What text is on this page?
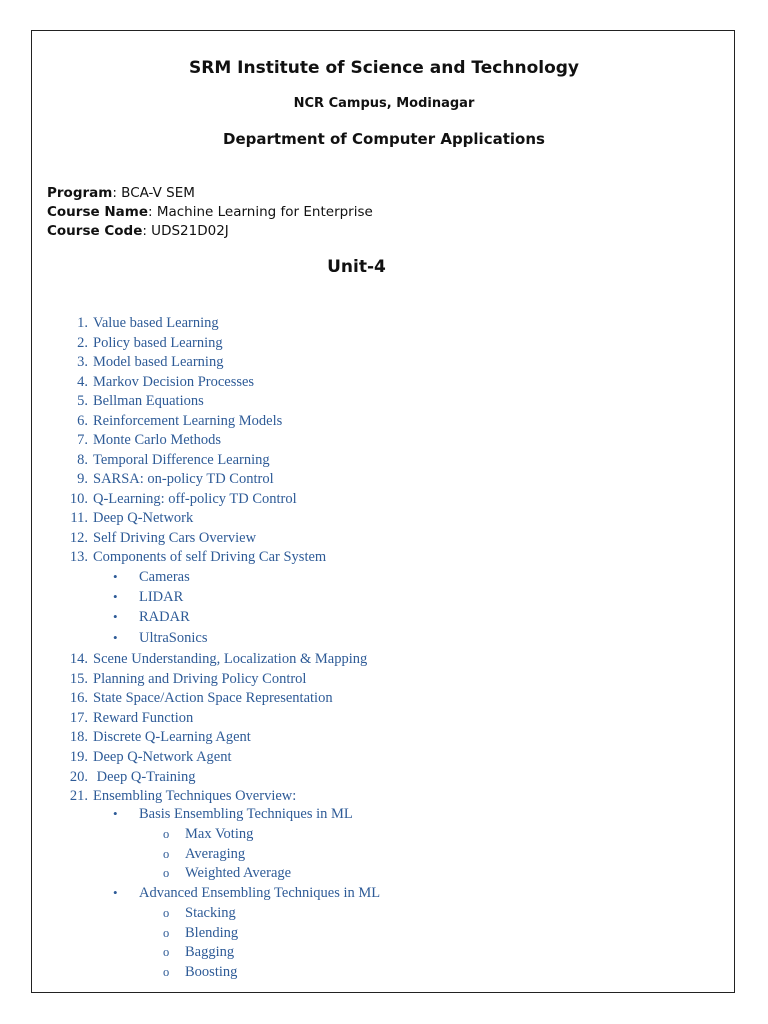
SRM Institute of Science and Technology
NCR Campus, Modinagar
Department of Computer Applications
Program: BCA-V SEM
Course Name: Machine Learning for Enterprise
Course Code: UDS21D02J
Unit-4
1. Value based Learning
2. Policy based Learning
3. Model based Learning
4. Markov Decision Processes
5. Bellman Equations
6. Reinforcement Learning Models
7. Monte Carlo Methods
8. Temporal Difference Learning
9. SARSA: on-policy TD Control
10. Q-Learning: off-policy TD Control
11. Deep Q-Network
12. Self Driving Cars Overview
13. Components of self Driving Car System
• Cameras
• LIDAR
• RADAR
• UltraSonics
14. Scene Understanding, Localization & Mapping
15. Planning and Driving Policy Control
16. State Space/Action Space Representation
17. Reward Function
18. Discrete Q-Learning Agent
19. Deep Q-Network Agent
20. Deep Q-Training
21. Ensembling Techniques Overview:
• Basis Ensembling Techniques in ML
o Max Voting
o Averaging
o Weighted Average
• Advanced Ensembling Techniques in ML
o Stacking
o Blending
o Bagging
o Boosting
